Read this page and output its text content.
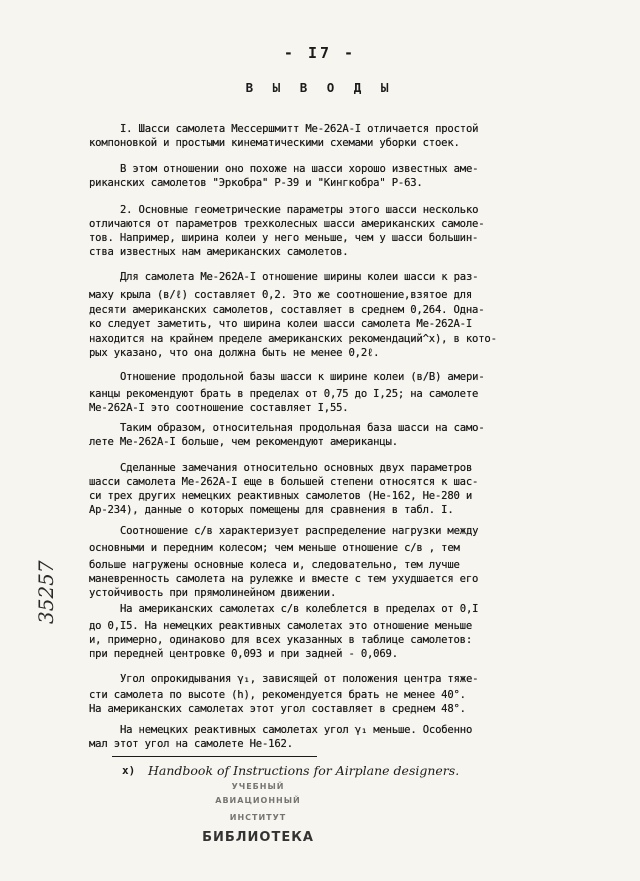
- I7 -
В Ы В О Д Ы
I. Шасси самолета Мессершмитт Ме-262А-I отличается простой
компоновкой и простыми кинематическими схемами уборки стоек.
В этом отношении оно похоже на шасси хорошо известных аме-
риканских самолетов "Эркобра" Р-39 и "Кингкобра" Р-63.
2. Основные геометрические параметры этого шасси несколько
отличаются от параметров трехколесных шасси американских самоле-
тов. Например, ширина колеи у него меньше, чем у шасси большин-
ства известных нам американских самолетов.
Для самолета Ме-262А-I отношение ширины колеи шасси к раз-
маху крыла (в/ℓ) составляет 0,2. Это же соотношение,взятое для
десяти американских самолетов, составляет в среднем 0,264. Одна-
ко следует заметить, что ширина колеи шасси самолета Ме-262А-I
находится на крайнем пределе американских рекомендаций^x), в кото-
рых указано, что она должна быть не менее 0,2ℓ.
Отношение продольной базы шасси к ширине колеи (в/В) амери-
канцы рекомендуют брать в пределах от 0,75 до I,25; на самолете
Ме-262А-I это соотношение составляет I,55.
Таким образом, относительная продольная база шасси на само-
лете Ме-262А-I больше, чем рекомендуют американцы.
Сделанные замечания относительно основных двух параметров
шасси самолета Ме-262А-I еще в большей степени относятся к шас-
си трех других немецких реактивных самолетов (Не-162, Не-280 и
Ар-234), данные о которых помещены для сравнения в табл. I.
Соотношение с/в характеризует распределение нагрузки между
основными и передним колесом; чем меньше отношение с/в , тем
больше нагружены основные колеса и, следовательно, тем лучше
маневренность самолета на рулежке и вместе с тем ухудшается его
устойчивость при прямолинейном движении.
На американских самолетах с/в колеблется в пределах от 0,I
до 0,I5. На немецких реактивных самолетах это отношение меньше
и, примерно, одинаково для всех указанных в таблице самолетов:
при передней центровке 0,093 и при задней - 0,069.
Угол опрокидывания γ₁, зависящей от положения центра тяже-
сти самолета по высоте (h), рекомендуется брать не менее 40°.
На американских самолетах этот угол составляет в среднем 48°.
На немецких реактивных самолетах угол γ₁ меньше. Особенно
мал этот угол на самолете Не-162.
x) Handbook of Instructions for Airplane designers.
35257
УЧЕБНЫЙ
АВИАЦИОННЫЙ
ИНСТИТУТ
БИБЛИОТЕКА
